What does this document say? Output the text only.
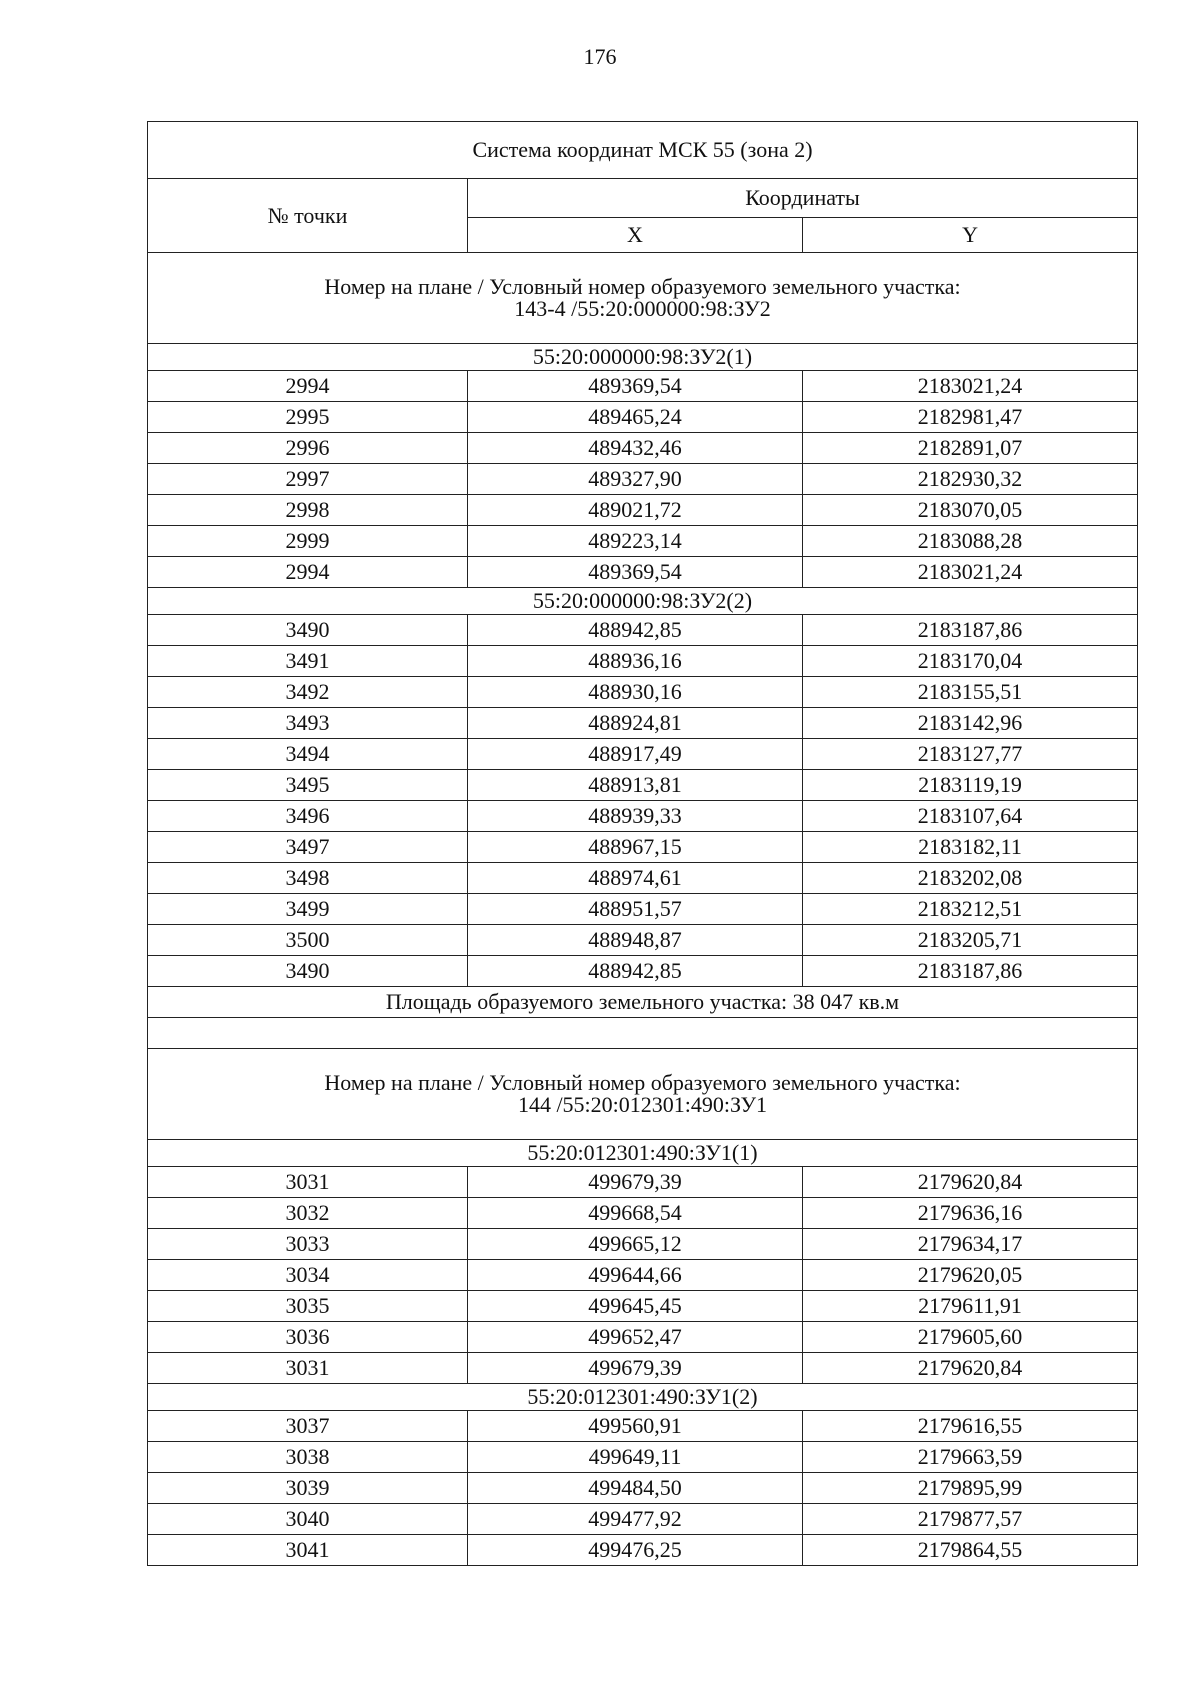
176
Система координат МСК 55 (зона 2)		
№ точки	Координаты	
	X	Y

Номер на плане / Условный номер образуемого земельного участка:
143-4 /55:20:000000:98:ЗУ2		

55:20:000000:98:ЗУ2(1)		
2994	489369,54	2183021,24
2995	489465,24	2182981,47
2996	489432,46	2182891,07
2997	489327,90	2182930,32
2998	489021,72	2183070,05
2999	489223,14	2183088,28
2994	489369,54	2183021,24
55:20:000000:98:ЗУ2(2)		
3490	488942,85	2183187,86
3491	488936,16	2183170,04
3492	488930,16	2183155,51
3493	488924,81	2183142,96
3494	488917,49	2183127,77
3495	488913,81	2183119,19
3496	488939,33	2183107,64
3497	488967,15	2183182,11
3498	488974,61	2183202,08
3499	488951,57	2183212,51
3500	488948,87	2183205,71
3490	488942,85	2183187,86
Площадь образуемого земельного участка: 38 047 кв.м		

Номер на плане / Условный номер образуемого земельного участка:
144 /55:20:012301:490:ЗУ1		

55:20:012301:490:ЗУ1(1)		
3031	499679,39	2179620,84
3032	499668,54	2179636,16
3033	499665,12	2179634,17
3034	499644,66	2179620,05
3035	499645,45	2179611,91
3036	499652,47	2179605,60
3031	499679,39	2179620,84
55:20:012301:490:ЗУ1(2)		
3037	499560,91	2179616,55
3038	499649,11	2179663,59
3039	499484,50	2179895,99
3040	499477,92	2179877,57
3041	499476,25	2179864,55
